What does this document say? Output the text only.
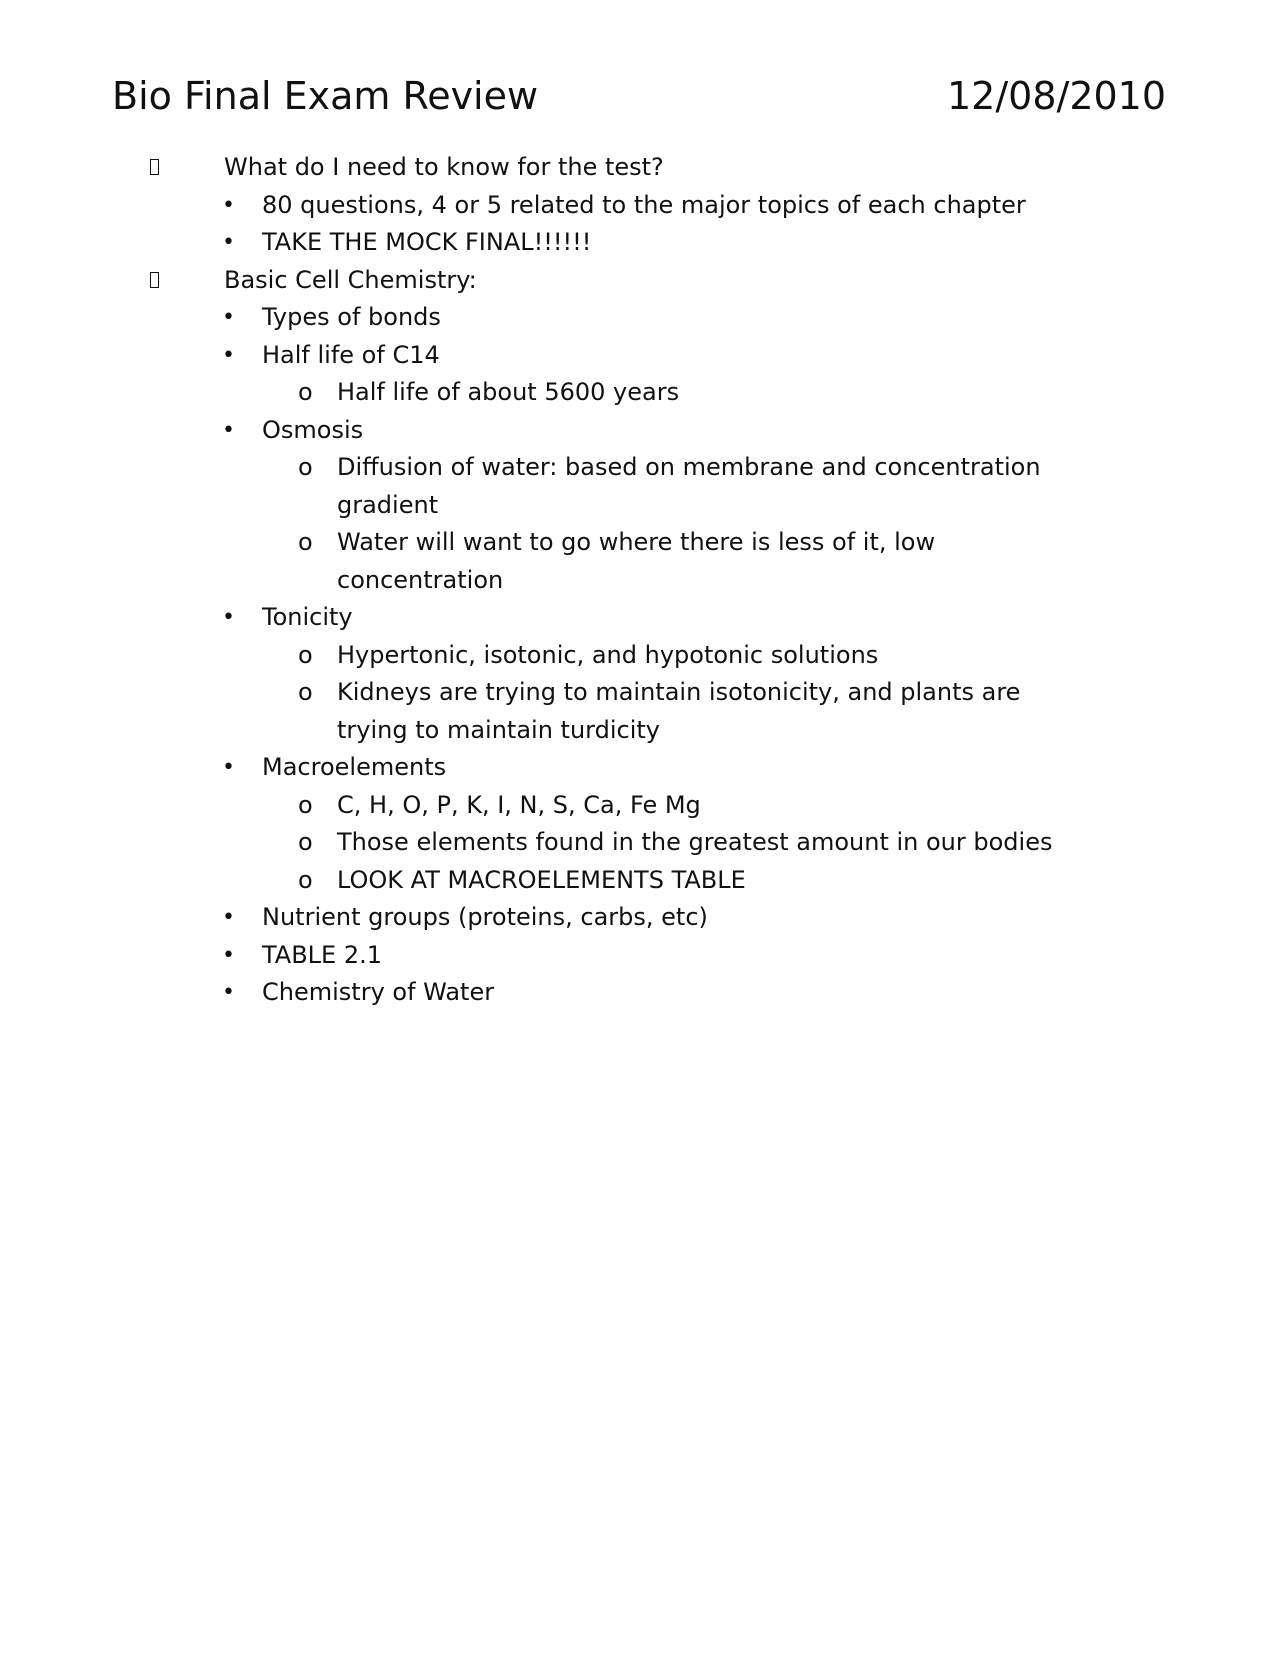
Bio Final Exam Review	12/08/2010
What do I need to know for the test?
• 80 questions, 4 or 5 related to the major topics of each chapter
• TAKE THE MOCK FINAL!!!!!!
Basic Cell Chemistry:
• Types of bonds
• Half life of C14
o Half life of about 5600 years
• Osmosis
o Diffusion of water: based on membrane and concentration gradient
o Water will want to go where there is less of it, low concentration
• Tonicity
o Hypertonic, isotonic, and hypotonic solutions
o Kidneys are trying to maintain isotonicity, and plants are trying to maintain turdicity
• Macroelements
o C, H, O, P, K, I, N, S, Ca, Fe Mg
o Those elements found in the greatest amount in our bodies
o LOOK AT MACROELEMENTS TABLE
• Nutrient groups (proteins, carbs, etc)
• TABLE 2.1
• Chemistry of Water
